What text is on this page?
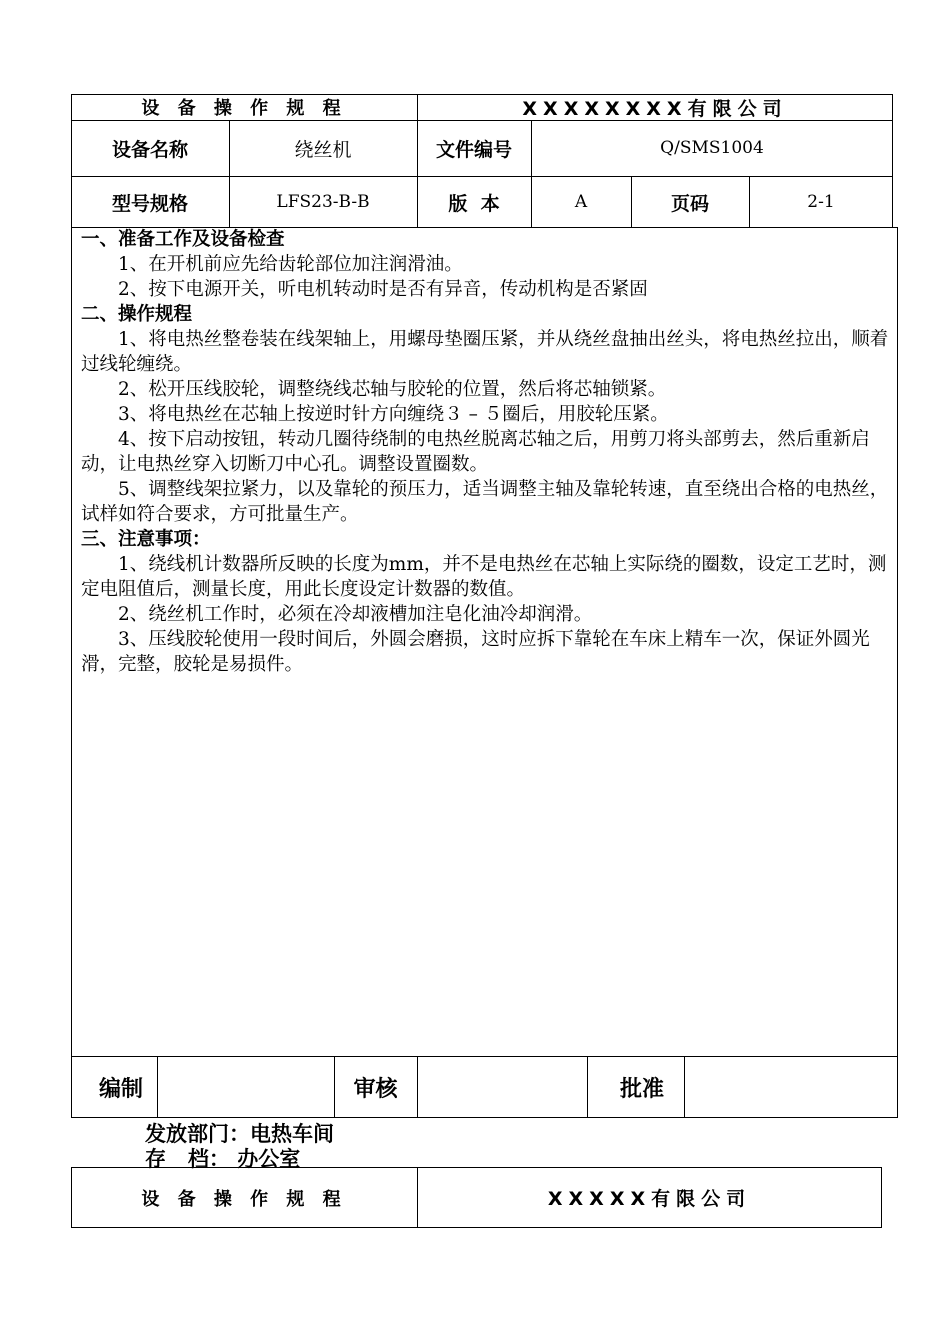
设 备 操 作 规 程	XXXXXXXX有限公司
设备名称	绕丝机	文件编号	Q/SMS1004
型号规格	LFS23-B-B	版  本	A	页码	2-1
一、准备工作及设备检查
1、在开机前应先给齿轮部位加注润滑油。
2、按下电源开关，听电机转动时是否有异音，传动机构是否紧固
二、操作规程
1、将电热丝整卷装在线架轴上，用螺母垫圈压紧，并从绕丝盘抽出丝头，将电热丝拉出，顺着过线轮缠绕。
2、松开压线胶轮，调整绕线芯轴与胶轮的位置，然后将芯轴锁紧。
3、将电热丝在芯轴上按逆时针方向缠绕３ – ５圈后，用胶轮压紧。
4、按下启动按钮，转动几圈待绕制的电热丝脱离芯轴之后，用剪刀将头部剪去，然后重新启动，让电热丝穿入切断刀中心孔。调整设置圈数。
5、调整线架拉紧力，以及靠轮的预压力，适当调整主轴及靠轮转速，直至绕出合格的电热丝，试样如符合要求，方可批量生产。
三、注意事项：
1、绕线机计数器所反映的长度为mm，并不是电热丝在芯轴上实际绕的圈数，设定工艺时，测定电阻值后，测量长度，用此长度设定计数器的数值。
2、绕丝机工作时，必须在冷却液槽加注皂化油冷却润滑。
3、压线胶轮使用一段时间后，外圆会磨损，这时应拆下靠轮在车床上精车一次，保证外圆光滑，完整，胶轮是易损件。
编制	审核	批准
发放部门：电热车间
存   档： 办公室
设 备 操 作 规 程	XXXXX有限公司
